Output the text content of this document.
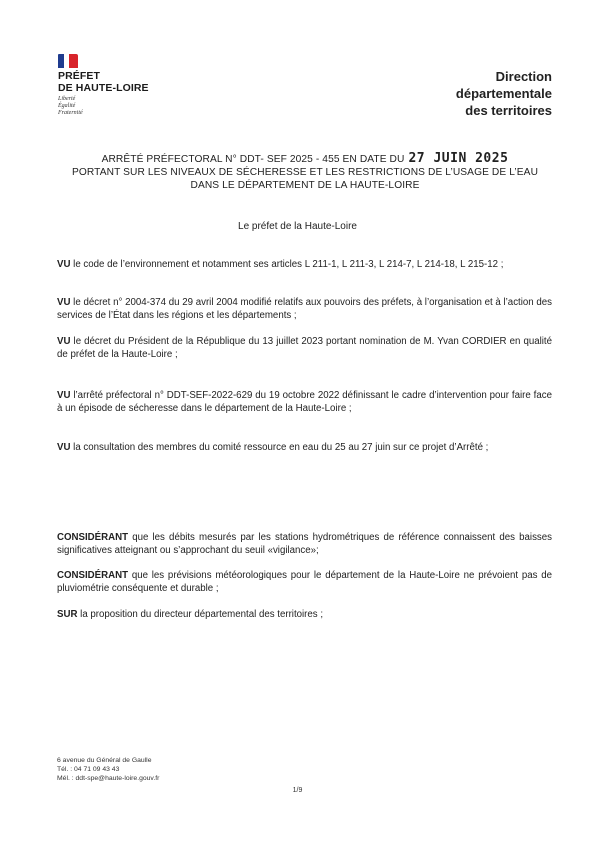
PRÉFET
DE HAUTE-LOIRE
Liberté
Égalité
Fraternité
Direction
départementale
des territoires
ARRÊTÉ PRÉFECTORAL N° DDT- SEF 2025 - 455 EN DATE DU 27 JUIN 2025
PORTANT SUR LES NIVEAUX DE SÉCHERESSE ET LES RESTRICTIONS DE L’USAGE DE L’EAU
DANS LE DÉPARTEMENT DE LA HAUTE-LOIRE
Le préfet de la Haute-Loire
VU le code de l’environnement et notamment ses articles L 211-1, L 211-3, L 214-7, L 214-18, L 215-12 ;
VU le décret n° 2004-374 du 29 avril 2004 modifié relatifs aux pouvoirs des préfets, à l’organisation et à l’action des services de l’État dans les régions et les départements ;
VU le décret du Président de la République du 13 juillet 2023 portant nomination de M. Yvan CORDIER en qualité de préfet de la Haute-Loire ;
VU l’arrêté préfectoral n° DDT-SEF-2022-629 du 19 octobre 2022 définissant le cadre d’intervention pour faire face à un épisode de sécheresse dans le département de la Haute-Loire ;
VU la consultation des membres du comité ressource en eau du 25 au 27 juin sur ce projet d’Arrêté ;
CONSIDÉRANT que les débits mesurés par les stations hydrométriques de référence connaissent des baisses significatives atteignant ou s’approchant du seuil «vigilance»;
CONSIDÉRANT que les prévisions météorologiques pour le département de la Haute-Loire ne prévoient pas de pluviométrie conséquente et durable ;
SUR la proposition du directeur départemental des territoires ;
6 avenue du Général de Gaulle
Tél. : 04 71 09 43 43
Mél. : ddt-spe@haute-loire.gouv.fr
1/9
